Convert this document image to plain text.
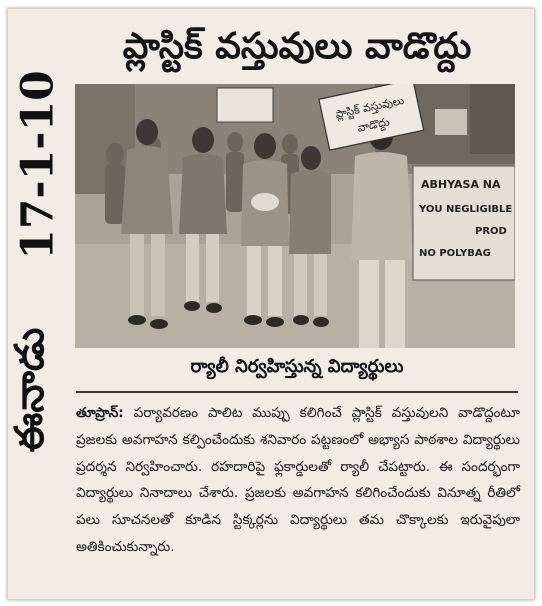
17-1-10
ఈనాడు
ప్లాస్టిక్ వస్తువులు వాడొద్దు
ప్లాస్టిక్ వస్తువులు
వాడొద్దు
ABHYASA NA
YOU NEGLIGIBLE
PROD
NO POLYBAG
ర్యాలీ నిర్వహిస్తున్న విద్యార్థులు

తూప్రాన్: పర్యావరణం పాలిట ముప్పు కలిగించే ప్లాస్టిక్ వస్తువులని వాడొద్దంటూ ప్రజలకు అవగాహన కల్పించేందుకు శనివారం పట్టణంలో అభ్యాస పాఠశాల విద్యార్థులు ప్రదర్శన నిర్వహించారు. రహదారిపై ఫ్లకార్డులతో ర్యాలీ చేపట్టారు. ఈ సందర్భంగా విద్యార్థులు నినాదాలు చేశారు. ప్రజలకు అవగాహన కలిగించేందుకు వినూత్న రీతిలో పలు సూచనలతో కూడిన స్టిక్కర్లను విద్యార్థులు తమ చొక్కాలకు ఇరువైపులా అతికించుకున్నారు.
